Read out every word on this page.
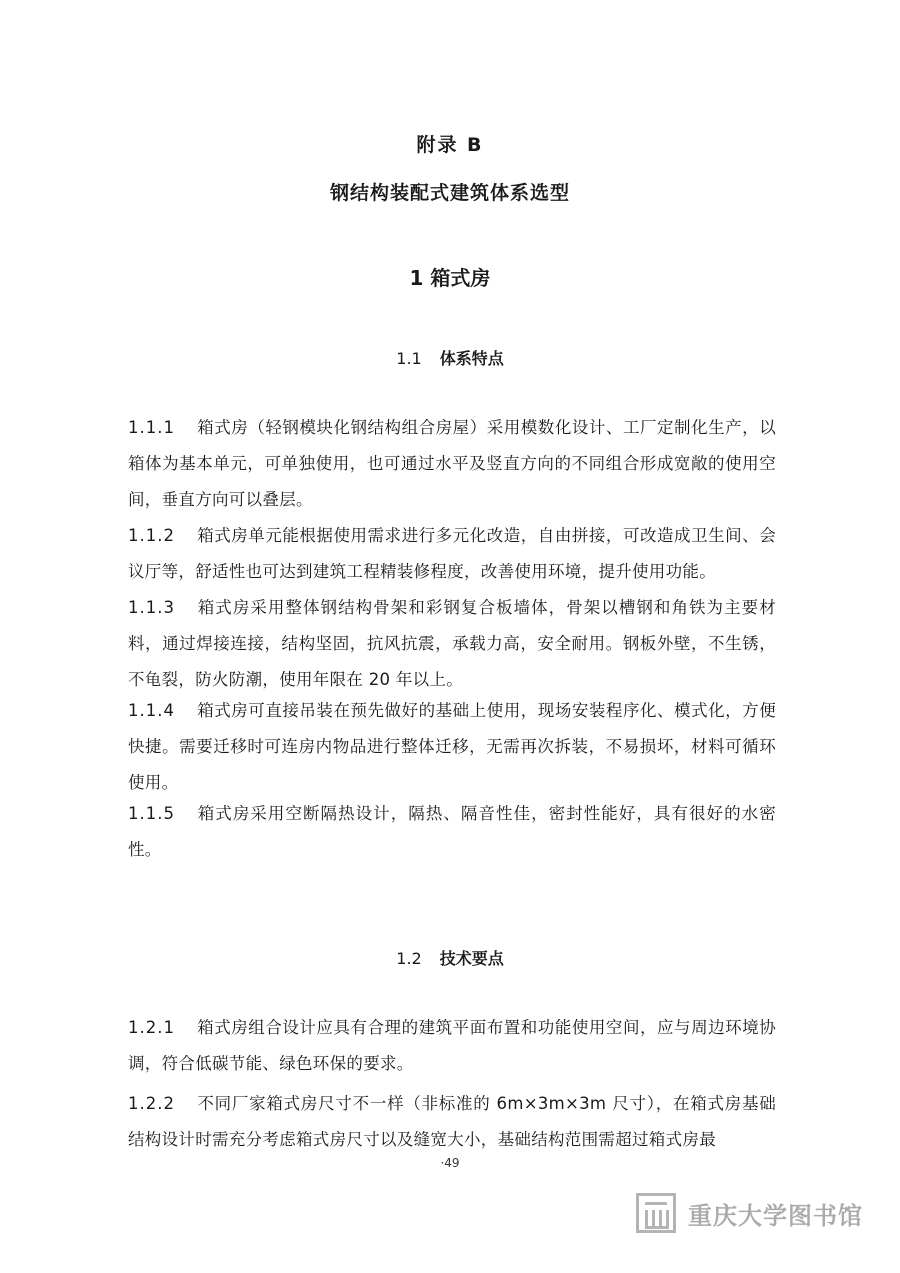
附录 B
钢结构装配式建筑体系选型
1 箱式房
1.1 体系特点
1.1.1 箱式房（轻钢模块化钢结构组合房屋）采用模数化设计、工厂定制化生产，以箱体为基本单元，可单独使用，也可通过水平及竖直方向的不同组合形成宽敞的使用空间，垂直方向可以叠层。
1.1.2 箱式房单元能根据使用需求进行多元化改造，自由拼接，可改造成卫生间、会议厅等，舒适性也可达到建筑工程精装修程度，改善使用环境，提升使用功能。
1.1.3 箱式房采用整体钢结构骨架和彩钢复合板墙体，骨架以槽钢和角铁为主要材料，通过焊接连接，结构坚固，抗风抗震，承载力高，安全耐用。钢板外壁，不生锈，不龟裂，防火防潮，使用年限在 20 年以上。
1.1.4 箱式房可直接吊装在预先做好的基础上使用，现场安装程序化、模式化，方便快捷。需要迁移时可连房内物品进行整体迁移，无需再次拆装，不易损坏，材料可循环使用。
1.1.5 箱式房采用空断隔热设计，隔热、隔音性佳，密封性能好，具有很好的水密性。
1.2 技术要点
1.2.1 箱式房组合设计应具有合理的建筑平面布置和功能使用空间，应与周边环境协调，符合低碳节能、绿色环保的要求。
1.2.2 不同厂家箱式房尺寸不一样（非标准的 6m×3m×3m 尺寸），在箱式房基础结构设计时需充分考虑箱式房尺寸以及缝宽大小，基础结构范围需超过箱式房最
·49
重庆大学图书馆
